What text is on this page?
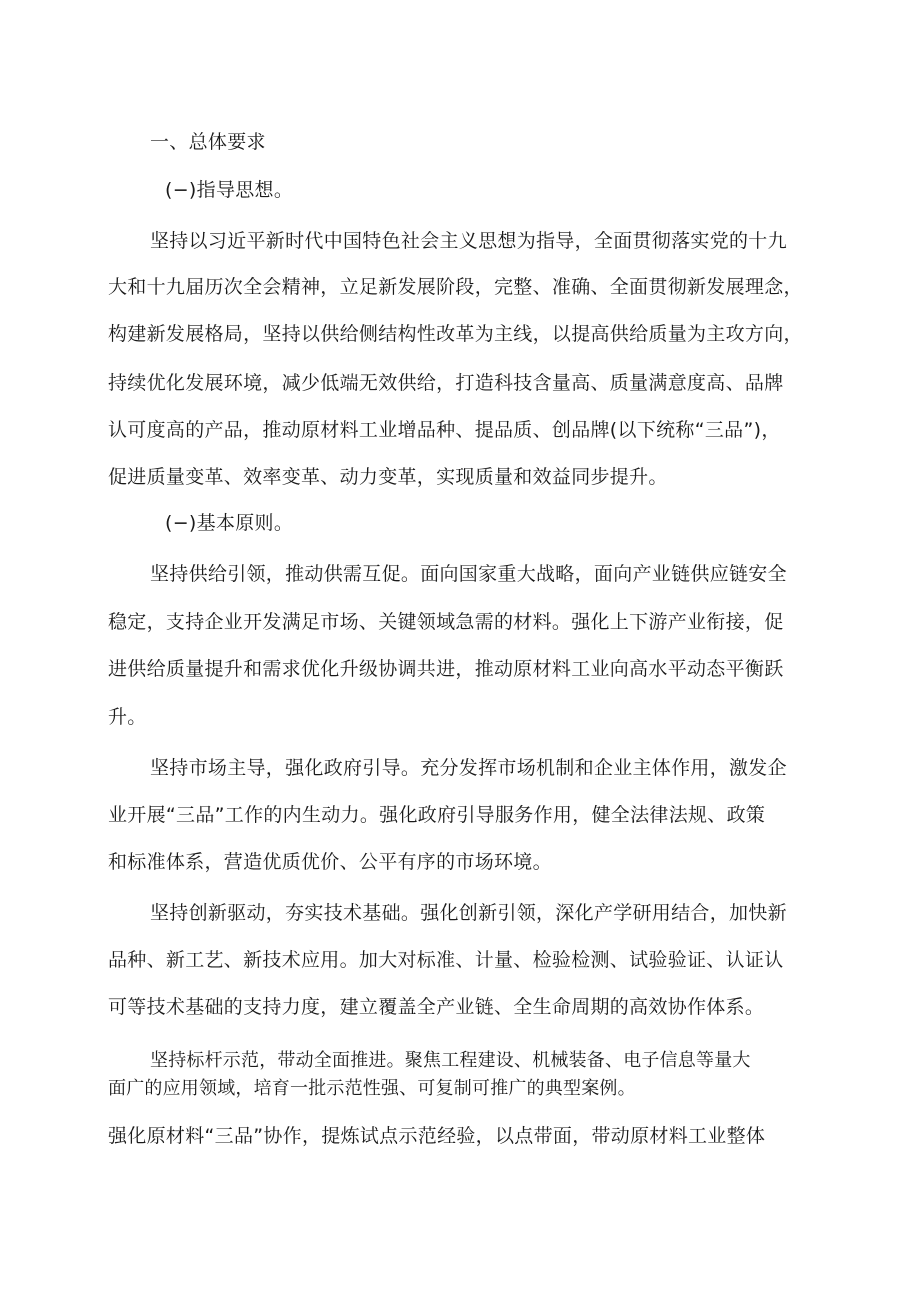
一、总体要求
(−)指导思想。
坚持以习近平新时代中国特色社会主义思想为指导，全面贯彻落实党的十九
大和十九届历次全会精神，立足新发展阶段，完整、准确、全面贯彻新发展理念，
构建新发展格局，坚持以供给侧结构性改革为主线，以提高供给质量为主攻方向，
持续优化发展环境，减少低端无效供给，打造科技含量高、质量满意度高、品牌
认可度高的产品，推动原材料工业增品种、提品质、创品牌(以下统称“三品”)，
促进质量变革、效率变革、动力变革，实现质量和效益同步提升。
(−)基本原则。
坚持供给引领，推动供需互促。面向国家重大战略，面向产业链供应链安全
稳定，支持企业开发满足市场、关键领域急需的材料。强化上下游产业衔接，促
进供给质量提升和需求优化升级协调共进，推动原材料工业向高水平动态平衡跃
升。
坚持市场主导，强化政府引导。充分发挥市场机制和企业主体作用，激发企
业开展“三品”工作的内生动力。强化政府引导服务作用，健全法律法规、政策
和标准体系，营造优质优价、公平有序的市场环境。
坚持创新驱动，夯实技术基础。强化创新引领，深化产学研用结合，加快新
品种、新工艺、新技术应用。加大对标准、计量、检验检测、试验验证、认证认
可等技术基础的支持力度，建立覆盖全产业链、全生命周期的高效协作体系。
坚持标杆示范，带动全面推进。聚焦工程建设、机械装备、电子信息等量大
面广的应用领域，培育一批示范性强、可复制可推广的典型案例。
强化原材料“三品”协作，提炼试点示范经验，以点带面，带动原材料工业整体
